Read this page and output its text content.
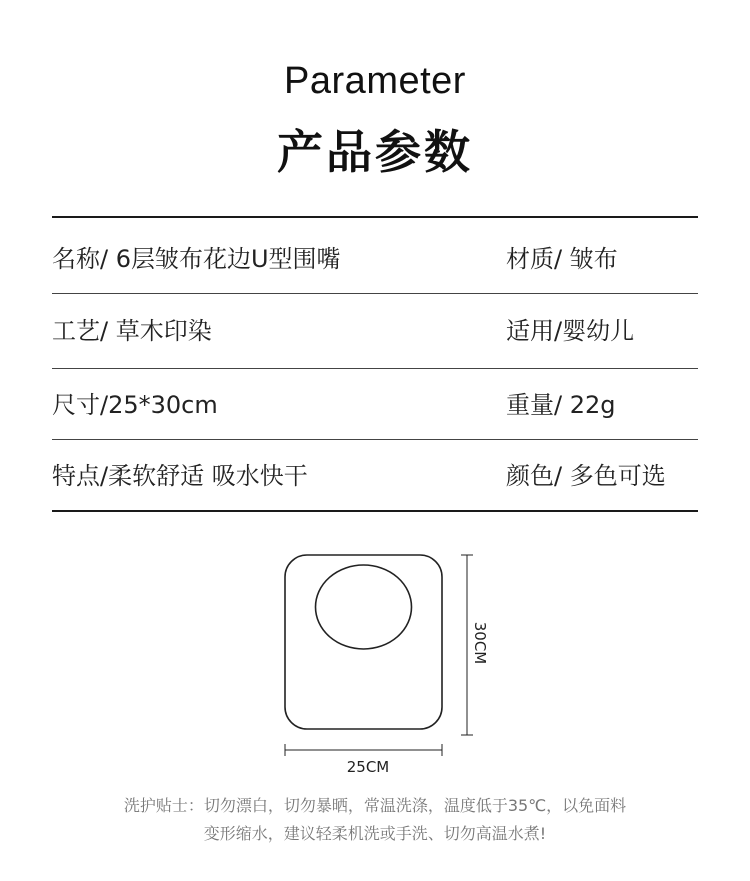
Parameter
产品参数
名称/ 6层皱布花边U型围嘴	材质/ 皱布
工艺/ 草木印染	适用/婴幼儿
尺寸/25*30cm	重量/ 22g
特点/柔软舒适 吸水快干	颜色/ 多色可选
30CM
25CM
洗护贴士：切勿漂白，切勿暴晒，常温洗涤，温度低于35℃，以免面料
变形缩水，建议轻柔机洗或手洗、切勿高温水煮!
